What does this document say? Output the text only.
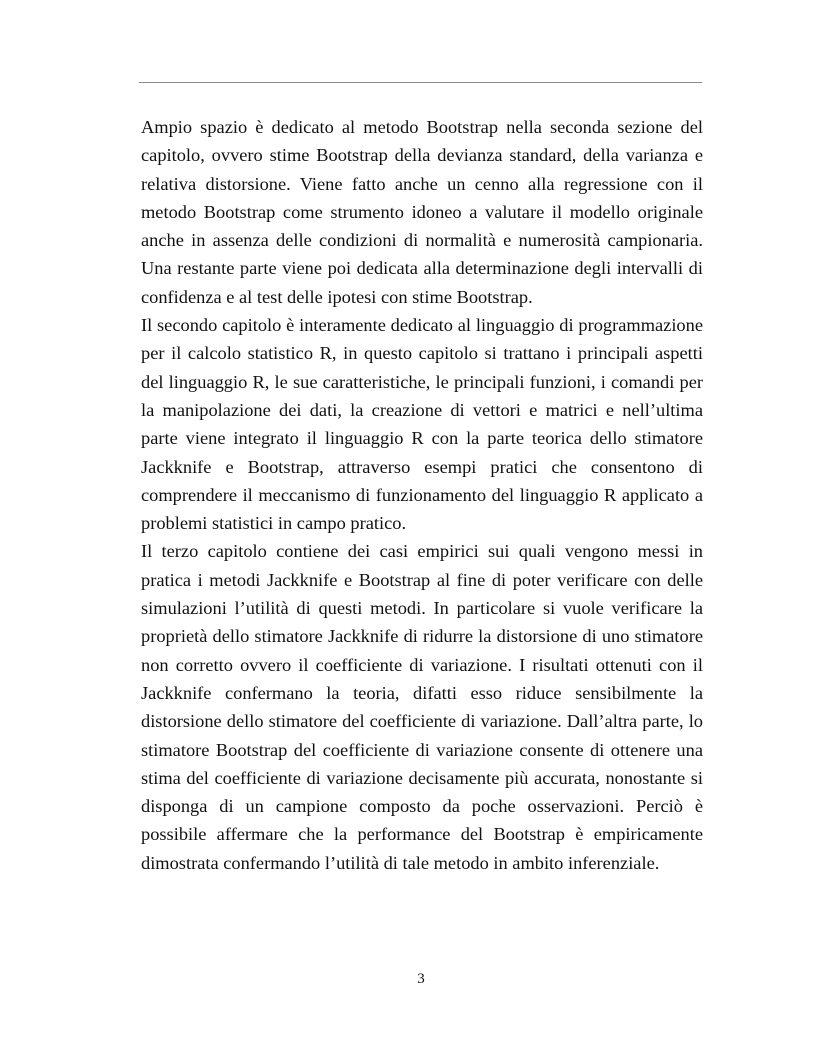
Ampio spazio è dedicato al metodo Bootstrap nella seconda sezione del capitolo, ovvero stime Bootstrap della devianza standard, della varianza e relativa distorsione. Viene fatto anche un cenno alla regressione con il metodo Bootstrap come strumento idoneo a valutare il modello originale anche in assenza delle condizioni di normalità e numerosità campionaria. Una restante parte viene poi dedicata alla determinazione degli intervalli di confidenza e al test delle ipotesi con stime Bootstrap.

Il secondo capitolo è interamente dedicato al linguaggio di programmazione per il calcolo statistico R, in questo capitolo si trattano i principali aspetti del linguaggio R, le sue caratteristiche, le principali funzioni, i comandi per la manipolazione dei dati, la creazione di vettori e matrici e nell’ultima parte viene integrato il linguaggio R con la parte teorica dello stimatore Jackknife e Bootstrap, attraverso esempi pratici che consentono di comprendere il meccanismo di funzionamento del linguaggio R applicato a problemi statistici in campo pratico.

Il terzo capitolo contiene dei casi empirici sui quali vengono messi in pratica i metodi Jackknife e Bootstrap al fine di poter verificare con delle simulazioni l’utilità di questi metodi. In particolare si vuole verificare la proprietà dello stimatore Jackknife di ridurre la distorsione di uno stimatore non corretto ovvero il coefficiente di variazione. I risultati ottenuti con il Jackknife confermano la teoria, difatti esso riduce sensibilmente la distorsione dello stimatore del coefficiente di variazione. Dall’altra parte, lo stimatore Bootstrap del coefficiente di variazione consente di ottenere una stima del coefficiente di variazione decisamente più accurata, nonostante si disponga di un campione composto da poche osservazioni. Perciò è possibile affermare che la performance del Bootstrap è empiricamente dimostrata confermando l’utilità di tale metodo in ambito inferenziale.

3
